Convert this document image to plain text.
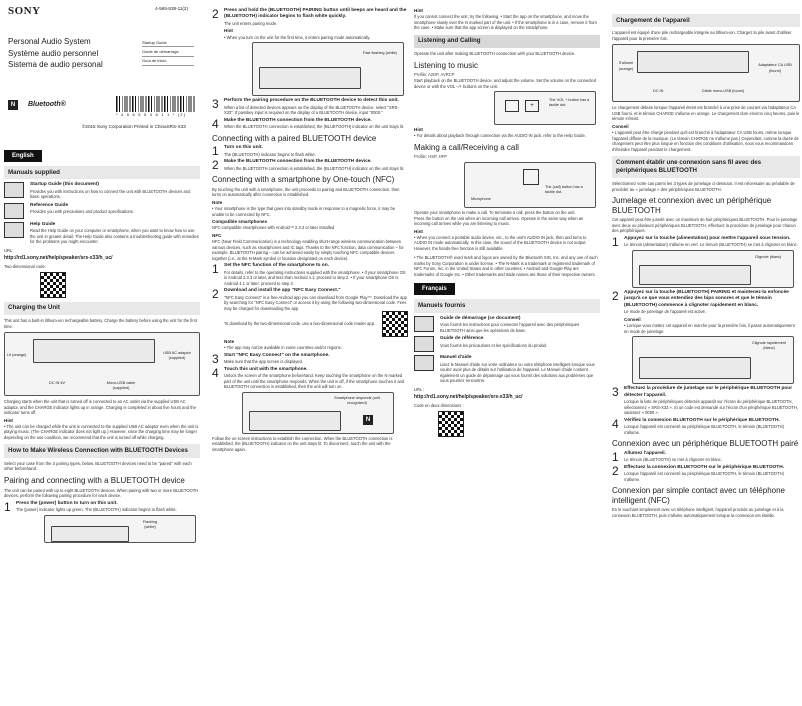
SONY	4-565-538-11(2)
Personal Audio System
Système audio personnel
Sistema de audio personal
Startup Guide
Guide de démarrage
Guía de inicio
N	Bluetooth®
* 4 5 6 5 5 3 8 1 1 * (2)
©2015 Sony Corporation Printed in ChinaSRS-X33
English
Manuals supplied
Startup Guide (this document)
Provides you with instructions on how to connect the unit with BLUETOOTH devices and basic operations.
Reference Guide
Provides you with precautions and product specifications.
Help Guide
Read the Help Guide on your computer or smartphone, when you want to know how to use the unit in greater detail. The Help Guide also contains a troubleshooting guide with remedies for the problems you might encounter.
URL:
http://rd1.sony.net/help/speaker/srs-x33/h_uc/
Two-dimensional code:
Charging the Unit
This unit has a built-in lithium-ion rechargeable battery. Charge the battery before using the unit for the first time.
Lit (orange)	USB AC adaptor (supplied)
DC IN 5V	Micro-USB cable (supplied)
Charging starts when the unit that is turned off is connected to an AC outlet via the supplied USB AC adaptor, and the CHARGE indicator lights up in orange. Charging is completed in about five hours and the indicator turns off.
Hint
• The unit can be charged while the unit is connected to the supplied USB AC adaptor even when the unit is playing music. (The CHARGE indicator does not light up.) However, since the charging time may be longer depending on the use condition, we recommend that the unit is turned off while charging.
How to Make Wireless Connection with BLUETOOTH Devices
Select your case from the 3 pairing types, below. BLUETOOTH devices need to be "paired" with each other beforehand.
Pairing and connecting with a BLUETOOTH device
The unit can be paired with up to eight BLUETOOTH devices. When pairing with two or more BLUETOOTH devices, perform the following pairing procedure for each device.
1	Press the (power) button to turn on this unit.
The (power) indicator lights up green. The (BLUETOOTH) indicator begins to flash white.
Flashing (white)
2	Press and hold the (BLUETOOTH) PAIRING button until beeps are heard and the (BLUETOOTH) indicator begins to flash white quickly.
The unit enters pairing mode.
Hint
• When you turn on the unit for the first time, it enters pairing mode automatically.
Fast flashing (white)
3	Perform the pairing procedure on the BLUETOOTH device to detect this unit.
When a list of detected devices appears on the display of the BLUETOOTH device, select "SRS-X33". If passkey input is required on the display of a BLUETOOTH device, input "0000."
4	Make the BLUETOOTH connection from the BLUETOOTH device.
When the BLUETOOTH connection is established, the (BLUETOOTH) indicator on the unit stays lit.
Connecting with a paired BLUETOOTH device
1	Turn on this unit.
The (BLUETOOTH) indicator begins to flash white.
2	Make the BLUETOOTH connection from the BLUETOOTH device.
When the BLUETOOTH connection is established, the (BLUETOOTH) indicator on the unit stays lit.
Connecting with a smartphone by One-touch (NFC)
By touching the unit with a smartphone, the unit proceeds to pairing and BLUETOOTH connection, then turns on automatically after connection is established.
Note
• Your smartphone is the type that goes into standby mode in response to a magnetic force, it may be unable to be connected by NFC.
Compatible smartphones
NFC-compatible smartphones with Android™ 2.3.3 or later installed
NFC
NFC (Near Field Communication) is a technology enabling short-range wireless communication between various devices, such as smartphones and IC tags. Thanks to the NFC function, data communication – for example, BLUETOOTH pairing – can be achieved easily by simply touching NFC compatible devices together (i.e., at the N-Mark symbol or location designated on each device).
1	Set the NFC function of the smartphone to on.
For details, refer to the operating instructions supplied with the smartphone. • If your smartphone OS is Android 2.3.3 or later, and less than Android 4.1: proceed to step 2. • If your smartphone OS is Android 4.1 or later: proceed to step 4.
2	Download and install the app "NFC Easy Connect."
"NFC Easy Connect" is a free Android app you can download from Google Play™. Download the app by searching for "NFC Easy Connect" or access it by using the following two-dimensional code. Fees may be charged for downloading the app.
To download by the two-dimensional code, use a two-dimensional code reader app.
Note
• The app may not be available in some countries and/or regions.
3	Start "NFC Easy Connect" on the smartphone.
Make sure that the app screen is displayed.
4	Touch this unit with the smartphone.
Unlock the screen of the smartphone beforehand. Keep touching the smartphone on the N marked part of the unit until the smartphone responds. When the unit is off, if the smartphone touches it and BLUETOOTH connection is established, then the unit will turn on.
Smartphone responds (unit recognized)
N
Follow the on-screen instructions to establish the connection. When the BLUETOOTH connection is established, the (BLUETOOTH) indicator on the unit stays lit. To disconnect, touch the unit with the smartphone again.
Hint
If you cannot connect the unit, try the following. • Start the app on the smartphone, and move the smartphone slowly over the N marked part of the unit. • If the smartphone is in a case, remove it from the case. • Make sure that the app screen is displayed on the smartphone.
Listening and Calling
Operate the unit after making BLUETOOTH connection with your BLUETOOTH device.
Listening to music
Profile: A2DP, AVRCP
Start playback on the BLUETOOTH device, and adjust the volume. Set the volume on the connected device or with the VOL –/+ buttons on the unit.
+
The VOL + button has a tactile dot.
Hint
• For details about playback through connection via the AUDIO IN jack, refer to the Help Guide.
Making a call/Receiving a call
Profile: HSP, HFP
The (call) button has a tactile dot.
Microphone
Operate your smartphone to make a call. To terminate a call, press the button on the unit.
Press the button on the unit when an incoming call arrives. Operate in the same way when an incoming call arrives while you are listening to music.
Hint
• When you connect a portable audio device, etc., to the unit's AUDIO IN jack, then and turns to AUDIO IN mode automatically. In this case, the sound of the BLUETOOTH device is not output. However, the hands-free function is still available.
• The BLUETOOTH® word mark and logos are owned by the Bluetooth SIG, Inc. and any use of such marks by Sony Corporation is under license. • The N-Mark is a trademark or registered trademark of NFC Forum, Inc. in the United States and in other countries. • Android and Google Play are trademarks of Google Inc. • Other trademarks and trade names are those of their respective owners.
Français
Manuels fournis
Guide de démarrage (ce document)
Vous fournit les instructions pour connecter l'appareil avec des périphériques BLUETOOTH ainsi que les opérations de base.
Guide de référence
Vous fournit les précautions et les spécifications du produit.
Manuel d'aide
Lisez le Manuel d'aide sur votre ordinateur ou votre téléphone intelligent lorsque vous voulez avoir plus de détails sur l'utilisation de l'appareil. Le Manuel d'aide contient également un guide de dépannage qui vous fournit des solutions aux problèmes que vous pourriez rencontrer.
URL :
http://rd1.sony.net/help/speaker/srs-x33/h_uc/
Code en deux dimensions :
Chargement de l'appareil
L'appareil est équipé d'une pile rechargeable intégrée au lithium-ion. Chargez la pile avant d'utiliser l'appareil pour la première fois.
S'allume (orange)
Adaptateur CA USB (fourni)
DC IN	Câble micro-USB (fourni)
Le chargement débute lorsque l'appareil éteint est branché à une prise de courant via l'adaptateur CA USB fourni, et le témoin CHARGE s'allume en orange. Le chargement dure environ cinq heures, puis le témoin s'éteint.
Conseil
• L'appareil peut être chargé pendant qu'il est branché à l'adaptateur CA USB fourni, même lorsque l'appareil diffuse de la musique. (Le témoin CHARGE ne s'allume pas.) Cependant, comme la durée de chargement peut être plus longue en fonction des conditions d'utilisation, nous vous recommandons d'éteindre l'appareil pendant le chargement.
Comment établir une connexion sans fil avec des périphériques BLUETOOTH
Sélectionnez votre cas parmi les 3 types de jumelage ci-dessous. Il est nécessaire au préalable de procéder au « jumelage » des périphériques BLUETOOTH.
Jumelage et connexion avec un périphérique BLUETOOTH
Cet appareil peut être jumelé avec un maximum de huit périphériques BLUETOOTH. Pour le jumelage avec deux ou plusieurs périphériques BLUETOOTH, effectuez la procédure de jumelage pour chacun des périphériques.
1	Appuyez sur la touche (alimentation) pour mettre l'appareil sous tension.
Le témoin (alimentation) s'allume en vert. Le témoin (BLUETOOTH) se met à clignoter en blanc.
Clignote (blanc)
2	Appuyez sur la touche (BLUETOOTH) PAIRING et maintenez-la enfoncée jusqu'à ce que vous entendiez des bips sonores et que le témoin (BLUETOOTH) commence à clignoter rapidement en blanc.
Le mode de jumelage de l'appareil est activé.
Conseil
• Lorsque vous mettez cet appareil en marche pour la première fois, il passe automatiquement en mode de jumelage.
Clignote rapidement (blanc)
3	Effectuez la procédure de jumelage sur le périphérique BLUETOOTH pour détecter l'appareil.
Lorsque la liste de périphériques détectés apparaît sur l'écran du périphérique BLUETOOTH, sélectionnez « SRS-X33 ». Si un code est demandé sur l'écran d'un périphérique BLUETOOTH, saisissez « 0000 ».
4	Vérifiez la connexion BLUETOOTH sur le périphérique BLUETOOTH.
Lorsque l'appareil est connecté au périphérique BLUETOOTH, le témoin (BLUETOOTH) s'allume.
Connexion avec un périphérique BLUETOOTH pairé
1	Allumez l'appareil.
Le témoin (BLUETOOTH) se met à clignoter en blanc.
2	Effectuez la connexion BLUETOOTH sur le périphérique BLUETOOTH.
Lorsque l'appareil est connecté au périphérique BLUETOOTH, le témoin (BLUETOOTH) s'allume.
Connexion par simple contact avec un téléphone intelligent (NFC)
En le touchant simplement avec un téléphone intelligent, l'appareil procède au jumelage et à la connexion BLUETOOTH, puis s'allume automatiquement lorsque la connexion est établie.
